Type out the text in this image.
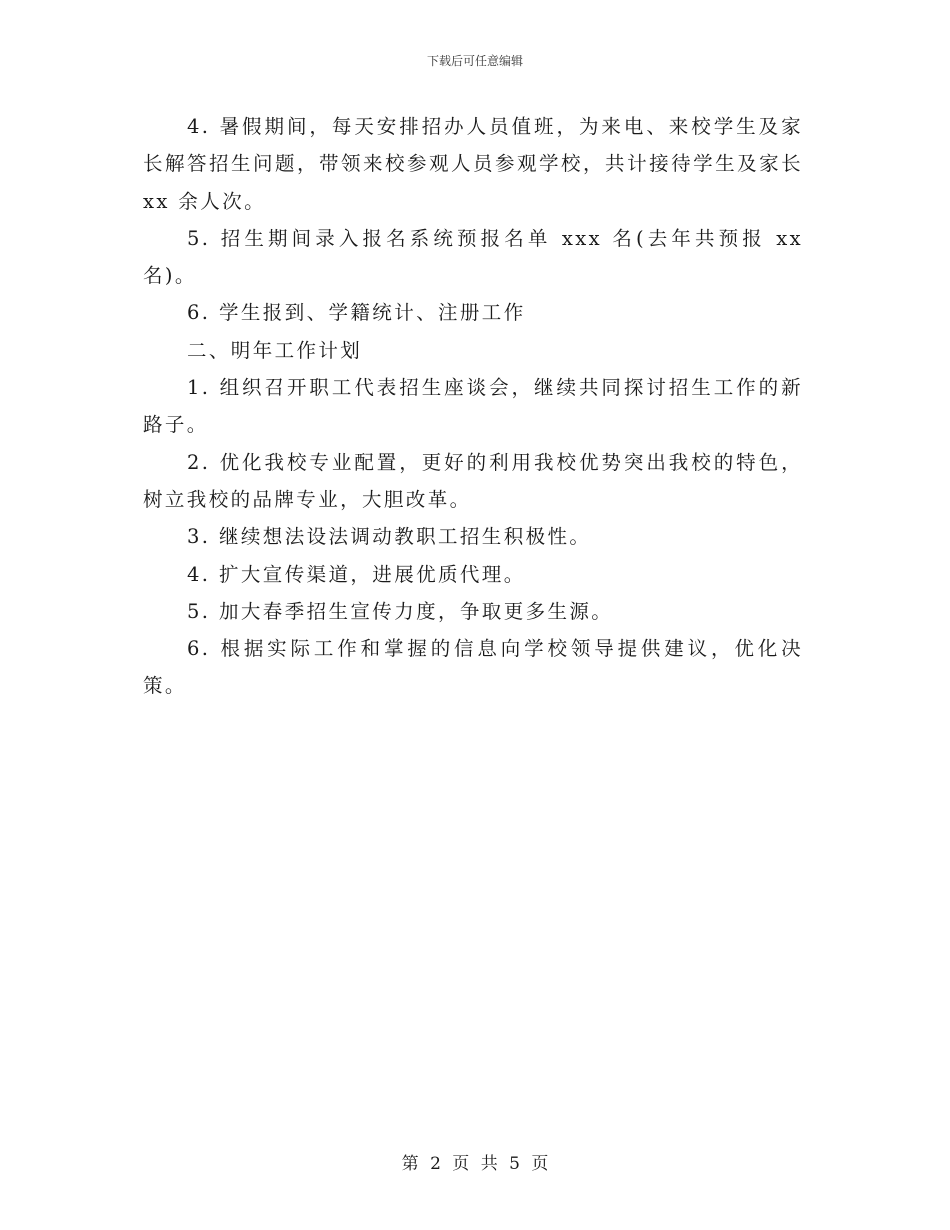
下载后可任意编辑

4. 暑假期间，每天安排招办人员值班，为来电、来校学生及家长解答招生问题，带领来校参观人员参观学校，共计接待学生及家长 xx 余人次。

5. 招生期间录入报名系统预报名单 xxx 名(去年共预报 xx 名)。

6. 学生报到、学籍统计、注册工作

二、明年工作计划

1. 组织召开职工代表招生座谈会，继续共同探讨招生工作的新路子。

2. 优化我校专业配置，更好的利用我校优势突出我校的特色，树立我校的品牌专业，大胆改革。

3. 继续想法设法调动教职工招生积极性。

4. 扩大宣传渠道，进展优质代理。

5. 加大春季招生宣传力度，争取更多生源。

6. 根据实际工作和掌握的信息向学校领导提供建议，优化决策。

第 2 页 共 5 页
